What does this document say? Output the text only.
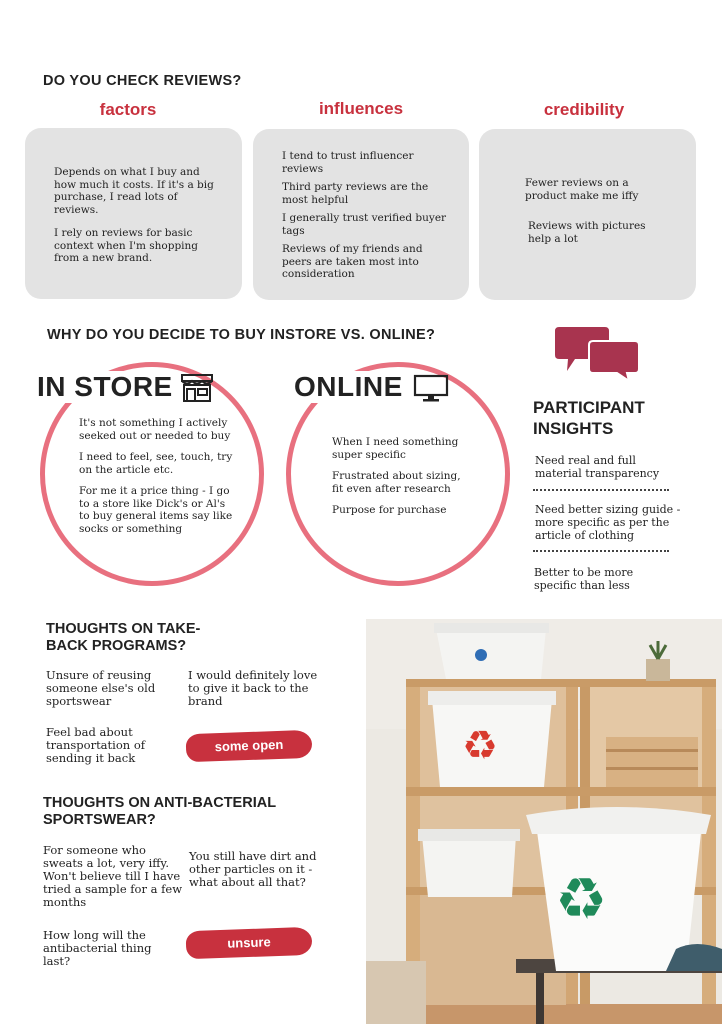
DO YOU CHECK REVIEWS?
factors	influences	credibility

Depends on what I buy and how much it costs. If it's a big purchase, I read lots of reviews.

I rely on reviews for basic context when I'm shopping from a new brand.

I tend to trust influencer reviews

Third party reviews are the most helpful

I generally trust verified buyer tags

Reviews of my friends and peers are taken most into consideration

Fewer reviews on a product make me iffy

Reviews with pictures help a lot

WHY DO YOU DECIDE TO BUY INSTORE VS. ONLINE?
IN STORE	ONLINE

It's not something I actively seeked out or needed to buy

I need to feel, see, touch, try on the article etc.

For me it a price thing - I go to a store like Dick's or Al's to buy general items say like socks or something

When I need something super specific

Frustrated about sizing, fit even after research

Purpose for purchase

PARTICIPANT INSIGHTS
Need real and full material transparency
Need better sizing guide - more specific as per the article of clothing
Better to be more specific than less
THOUGHTS ON TAKE-BACK PROGRAMS?
Unsure of reusing someone else's old sportswear
I would definitely love to give it back to the brand
Feel bad about transportation of sending it back
some open
THOUGHTS ON ANTI-BACTERIAL SPORTSWEAR?
For someone who sweats a lot, very iffy. Won't believe till I have tried a sample for a few months
You still have dirt and other particles on it - what about all that?
How long will the antibacterial thing last?
unsure
♻
♻
